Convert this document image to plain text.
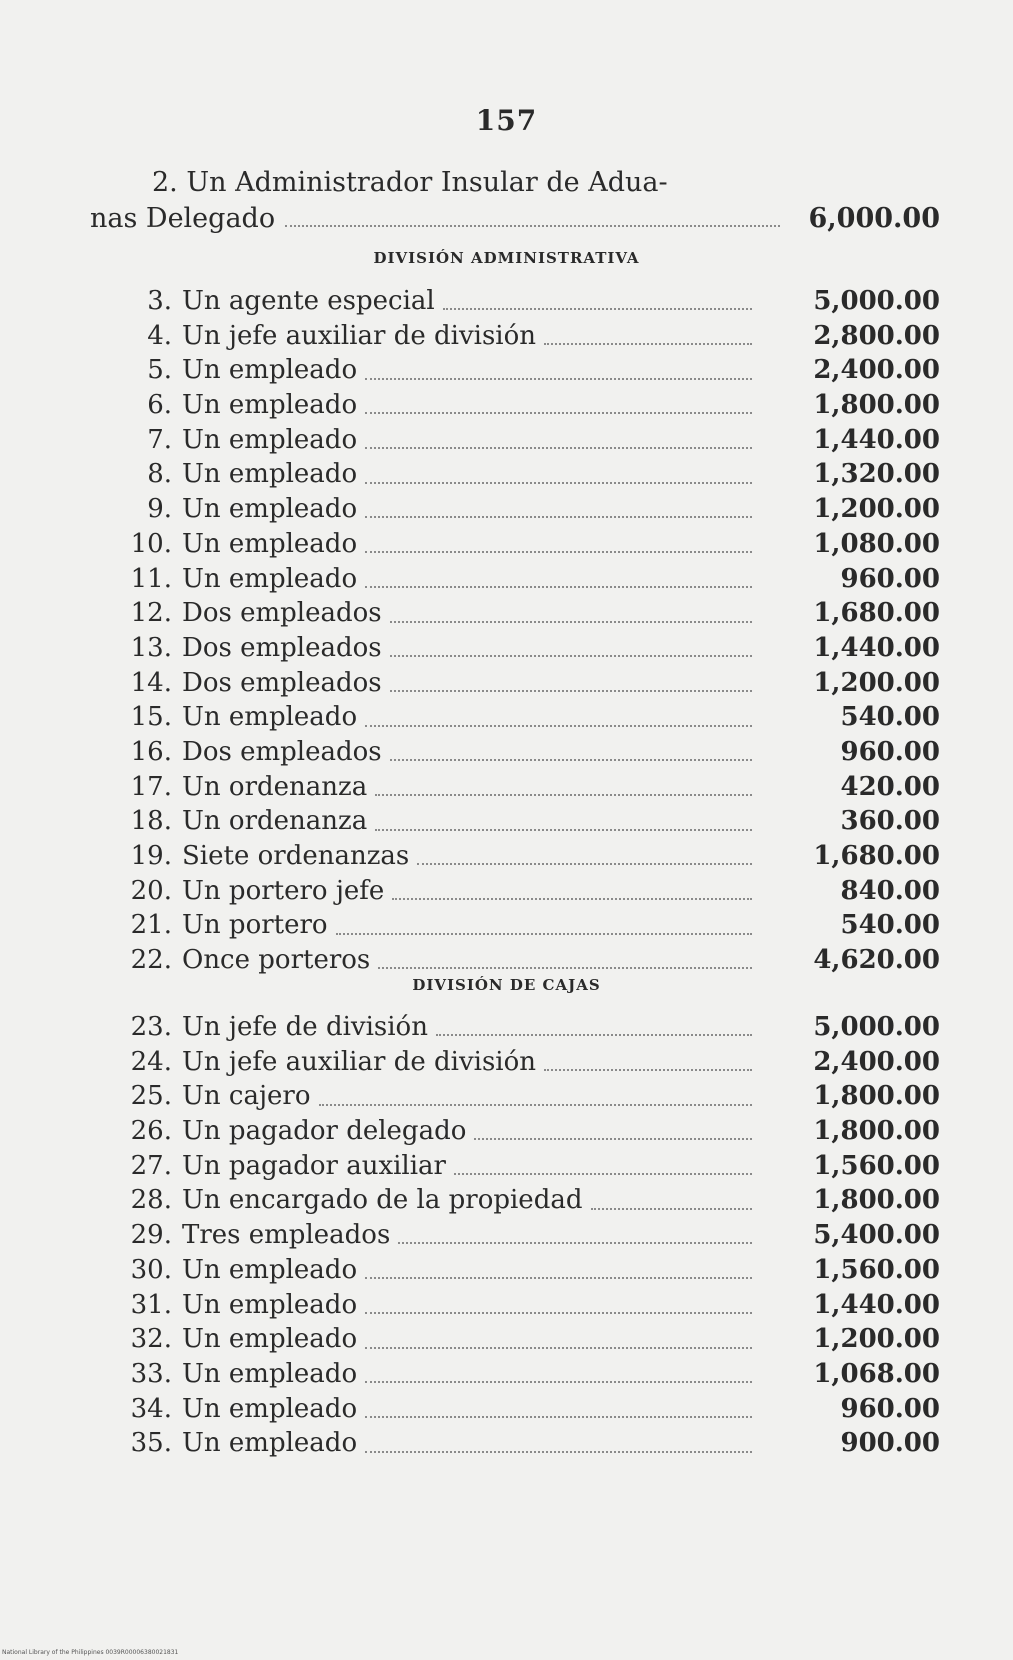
157
2. Un Administrador Insular de Adua-
nas Delegado	6,000.00
DIVISIÓN ADMINISTRATIVA
3. Un agente especial	5,000.00
4. Un jefe auxiliar de división	2,800.00
5. Un empleado	2,400.00
6. Un empleado	1,800.00
7. Un empleado	1,440.00
8. Un empleado	1,320.00
9. Un empleado	1,200.00
10. Un empleado	1,080.00
11. Un empleado	960.00
12. Dos empleados	1,680.00
13. Dos empleados	1,440.00
14. Dos empleados	1,200.00
15. Un empleado	540.00
16. Dos empleados	960.00
17. Un ordenanza	420.00
18. Un ordenanza	360.00
19. Siete ordenanzas	1,680.00
20. Un portero jefe	840.00
21. Un portero	540.00
22. Once porteros	4,620.00
DIVISIÓN DE CAJAS
23. Un jefe de división	5,000.00
24. Un jefe auxiliar de división	2,400.00
25. Un cajero	1,800.00
26. Un pagador delegado	1,800.00
27. Un pagador auxiliar	1,560.00
28. Un encargado de la propiedad	1,800.00
29. Tres empleados	5,400.00
30. Un empleado	1,560.00
31. Un empleado	1,440.00
32. Un empleado	1,200.00
33. Un empleado	1,068.00
34. Un empleado	960.00
35. Un empleado	900.00
National Library of the Philippines 0039R00006380021831
